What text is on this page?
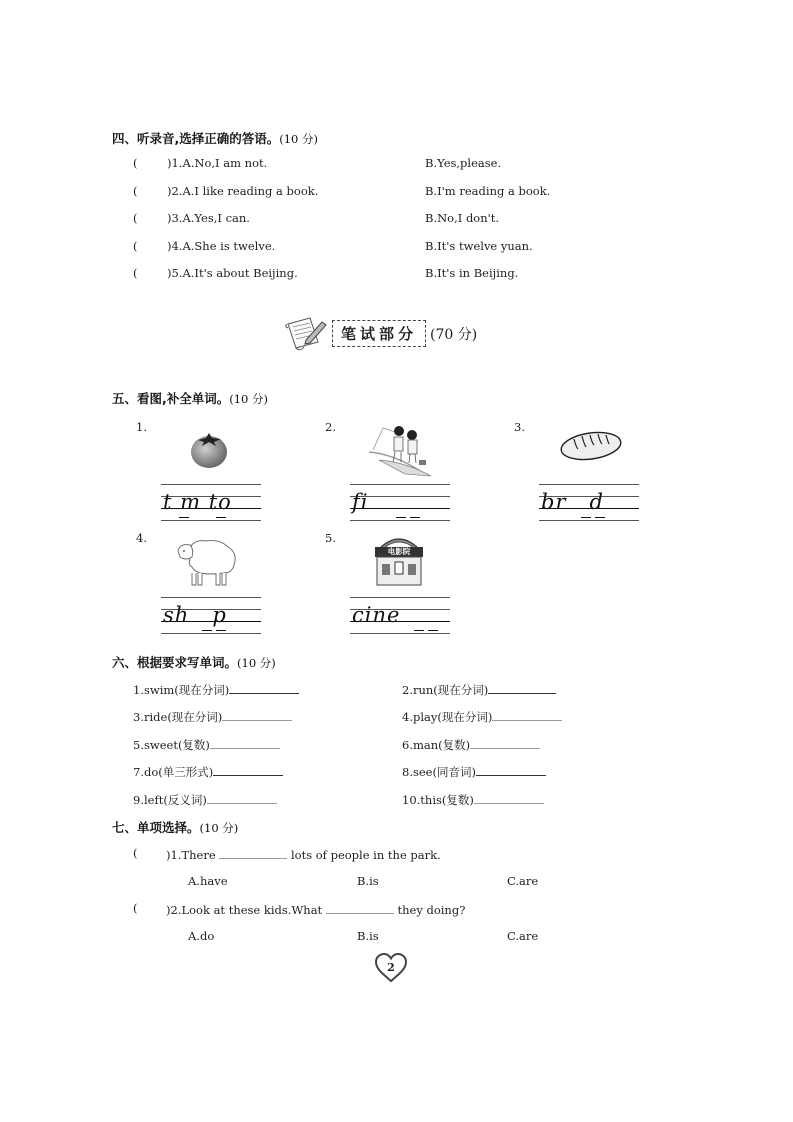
四、听录音,选择正确的答语。(10 分)
(	)1.A.No,I am not.	B.Yes,please.
(	)2.A.I like reading a book.	B.I'm reading a book.
(	)3.A.Yes,I can.	B.No,I don't.
(	)4.A.She is twelve.	B.It's twelve yuan.
(	)5.A.It's about Beijing.	B.It's in Beijing.
笔试部分 (70 分)
五、看图,补全单词。(10 分)
1.
t m to
2.
fi
3.
br   d
4.
sh   p
5.
电影院
cine
六、根据要求写单词。(10 分)
1.swim(现在分词)	2.run(现在分词)
3.ride(现在分词)	4.play(现在分词)
5.sweet(复数)	6.man(复数)
7.do(单三形式)	8.see(同音词)
9.left(反义词)	10.this(复数)
七、单项选择。(10 分)
( )1.There	lots of people in the park.
A.have	B.is	C.are
( )2.Look at these kids.What	they doing?
A.do	B.is	C.are
2
